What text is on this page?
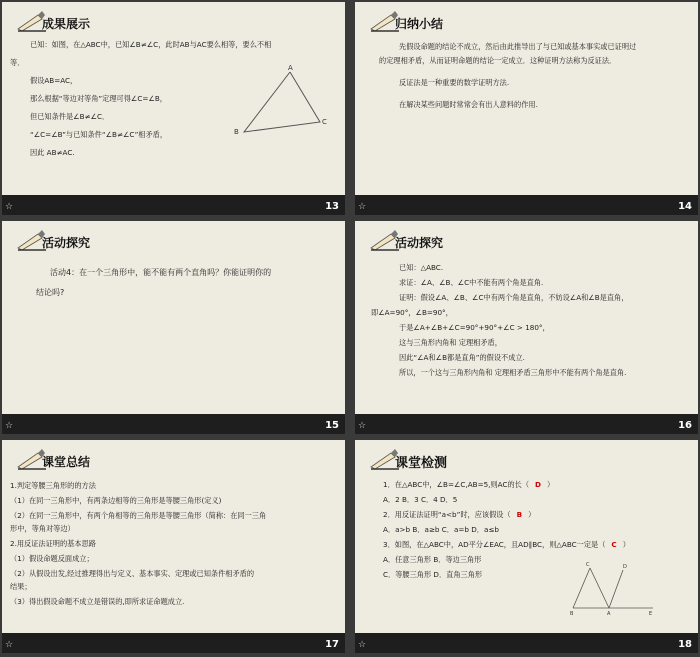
成果展示

已知：如图，在△ABC中，已知∠B≠∠C，此时AB与AC要么相等，要么不相

等．

假设AB=AC，

那么根据“等边对等角”定理可得∠C=∠B，

但已知条件是∠B≠∠C．

“∠C=∠B”与已知条件“∠B≠∠C”相矛盾，

因此 AB≠AC.

A
B
C
☆	13
归纳小结

先假设命题的结论不成立，然后由此推导出了与已知或基本事实或已证明过

的定理相矛盾，从而证明命题的结论一定成立．这种证明方法称为反证法．

反证法是一种重要的数学证明方法.

在解决某些问题时常常会有出人意料的作用.

☆	14
活动探究

活动4：在一个三角形中，能不能有两个直角吗？你能证明你的

结论吗?

☆	15
活动探究

已知：△ABC.

求证：∠A、∠B、∠C中不能有两个角是直角.

证明：假设∠A、∠B、∠C中有两个角是直角，不妨设∠A和∠B是直角，

即∠A=90°，∠B=90°，

于是∠A+∠B+∠C=90°+90°+∠C > 180°，

这与三角形内角和 定理相矛盾，

因此“∠A和∠B都是直角”的假设不成立.

所以，一个这与三角形内角和 定理相矛盾三角形中不能有两个角是直角.

☆	16
课堂总结

1.判定等腰三角形的的方法

（1）在同一三角形中，有两条边相等的三角形是等腰三角形(定义)

（2）在同一三角形中，有两个角相等的三角形是等腰三角形（简称：在同一三角

形中，等角对等边）

2.用反证法证明的基本思路

（1）假设命题反面成立；

（2）从假设出发,经过推理得出与定义、基本事实、定理或已知条件相矛盾的

结果；

（3）得出假设命题不成立是错误的,即所求证命题成立.

☆	17
课堂检测

1．在△ABC中，∠B=∠C,AB=5,则AC的长（ D ）

A．2 B．3 C．4 D．5

2．用反证法证明“a<b”时，应该假设（ B ）

A．a>b B．a≥b C．a=b D．a≤b

3．如图，在△ABC中，AD平分∠EAC，且AD∥BC，则△ABC一定是（ C ）

A．任意三角形 B．等边三角形

C．等腰三角形 D．直角三角形

C	D
B	A	E
☆	18
